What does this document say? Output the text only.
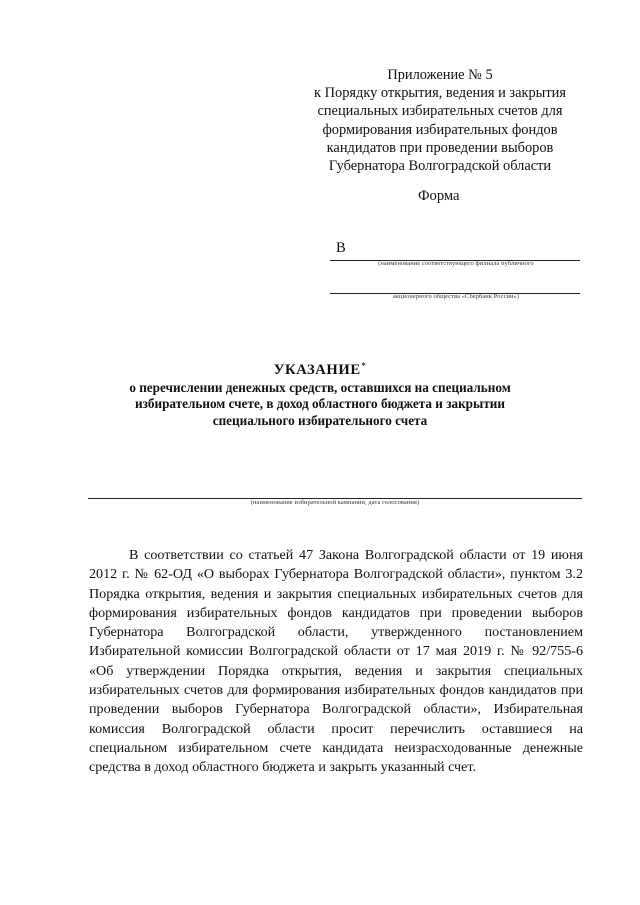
Приложение № 5
к Порядку открытия, ведения и закрытия
специальных избирательных счетов для
формирования избирательных фондов
кандидатов при проведении выборов
Губернатора Волгоградской области
Форма
В
(наименование соответствующего филиала публичного
акционерного общества «Сбербанк России»)
УКАЗАНИЕ*
о перечислении денежных средств, оставшихся на специальном
избирательном счете, в доход областного бюджета и закрытии
специального избирательного счета
(наименование избирательной кампании, дата голосования)
В соответствии со статьей 47 Закона Волгоградской области от 19 июня 2012 г. № 62-ОД «О выборах Губернатора Волгоградской области», пунктом 3.2 Порядка открытия, ведения и закрытия специальных избирательных счетов для формирования избирательных фондов кандидатов при проведении выборов Губернатора Волгоградской области, утвержденного постановлением Избирательной комиссии Волгоградской области от 17 мая 2019 г. № 92/755-6 «Об утверждении Порядка открытия, ведения и закрытия специальных избирательных счетов для формирования избирательных фондов кандидатов при проведении выборов Губернатора Волгоградской области», Избирательная комиссия Волгоградской области просит перечислить оставшиеся на специальном избирательном счете кандидата неизрасходованные денежные средства в доход областного бюджета и закрыть указанный счет.
